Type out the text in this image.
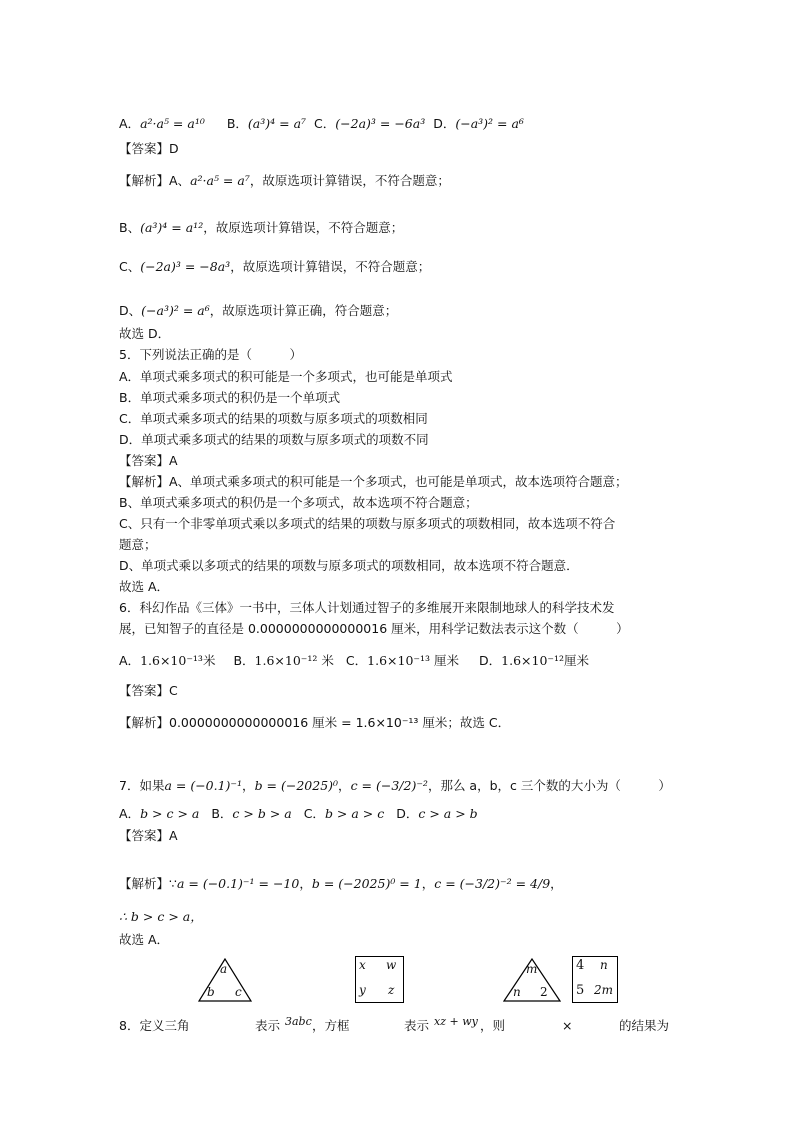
A．a²·a⁵ = a¹⁰ B．(a³)⁴ = a⁷ C．(−2a)³ = −6a³ D．(−a³)² = a⁶
【答案】D
【解析】A、a²·a⁵ = a⁷，故原选项计算错误，不符合题意；
B、(a³)⁴ = a¹²，故原选项计算错误，不符合题意；
C、(−2a)³ = −8a³，故原选项计算错误，不符合题意；
D、(−a³)² = a⁶，故原选项计算正确，符合题意；
故选 D．
5．下列说法正确的是（　　　）
A．单项式乘多项式的积可能是一个多项式，也可能是单项式
B．单项式乘多项式的积仍是一个单项式
C．单项式乘多项式的结果的项数与原多项式的项数相同
D．单项式乘多项式的结果的项数与原多项式的项数不同
【答案】A
【解析】A、单项式乘多项式的积可能是一个多项式，也可能是单项式，故本选项符合题意；
B、单项式乘多项式的积仍是一个多项式，故本选项不符合题意；
C、只有一个非零单项式乘以多项式的结果的项数与原多项式的项数相同，故本选项不符合
题意；
D、单项式乘以多项式的结果的项数与原多项式的项数相同，故本选项不符合题意．
故选 A．
6．科幻作品《三体》一书中，三体人计划通过智子的多维展开来限制地球人的科学技术发
展，已知智子的直径是 0.0000000000000016 厘米，用科学记数法表示这个数（　　　）
A．1.6×10⁻¹³米 B．1.6×10⁻¹² 米 C．1.6×10⁻¹³ 厘米 D．1.6×10⁻¹²厘米
【答案】C
【解析】0.0000000000000016 厘米 = 1.6×10⁻¹³ 厘米；故选 C．
7．如果a = (−0.1)⁻¹，b = (−2025)⁰，c = (−3/2)⁻²，那么 a，b，c 三个数的大小为（　　　）
A．b > c > a B．c > b > a C．b > a > c D．c > a > b
【答案】A
【解析】∵a = (−0.1)⁻¹ = −10，b = (−2025)⁰ = 1，c = (−3/2)⁻² = 4/9，
∴ b > c > a，
故选 A．
8．定义三角
a
b c
表示 3abc ，方框
x w
y z
表示 xz + wy ，则
m
n 2
×
4 n
5 2m
的结果为
